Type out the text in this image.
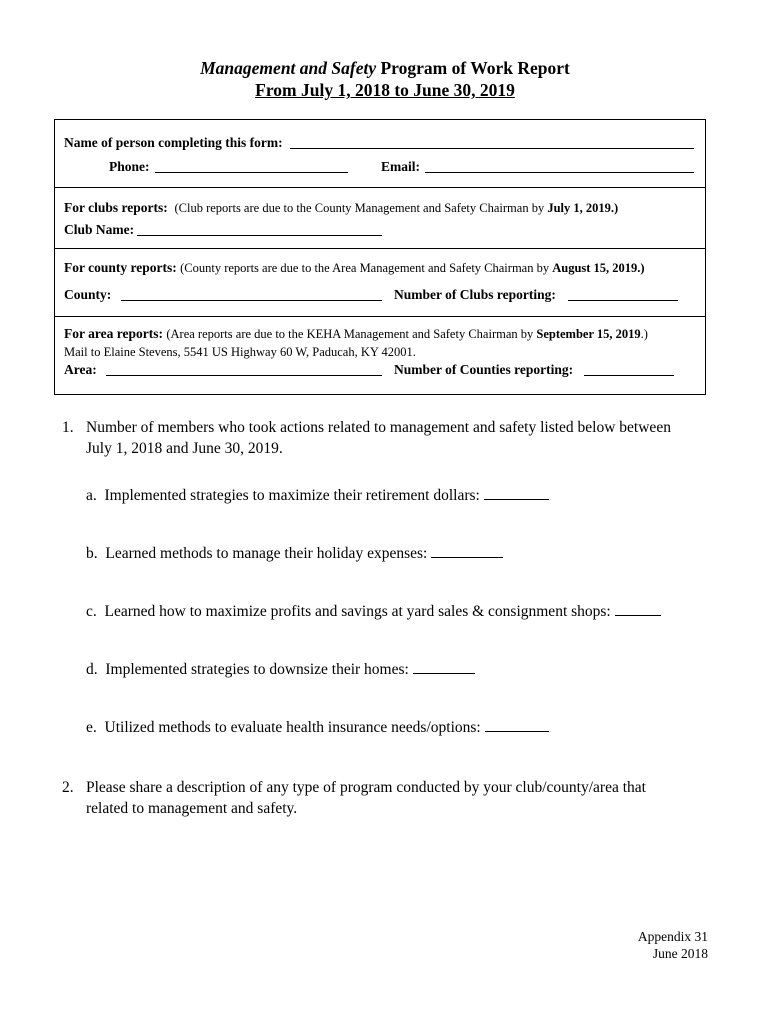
Management and Safety Program of Work Report
From July 1, 2018 to June 30, 2019
Name of person completing this form:
Phone:	Email:
For clubs reports: (Club reports are due to the County Management and Safety Chairman by July 1, 2019.)
Club Name:
For county reports: (County reports are due to the Area Management and Safety Chairman by August 15, 2019.)
County:	Number of Clubs reporting:
For area reports: (Area reports are due to the KEHA Management and Safety Chairman by September 15, 2019.)
Mail to Elaine Stevens, 5541 US Highway 60 W, Paducah, KY 42001.
Area:	Number of Counties reporting:
1. Number of members who took actions related to management and safety listed below between
July 1, 2018 and June 30, 2019.
a. Implemented strategies to maximize their retirement dollars:
b. Learned methods to manage their holiday expenses:
c. Learned how to maximize profits and savings at yard sales & consignment shops:
d. Implemented strategies to downsize their homes:
e. Utilized methods to evaluate health insurance needs/options:
2. Please share a description of any type of program conducted by your club/county/area that
related to management and safety.
Appendix 31
June 2018
